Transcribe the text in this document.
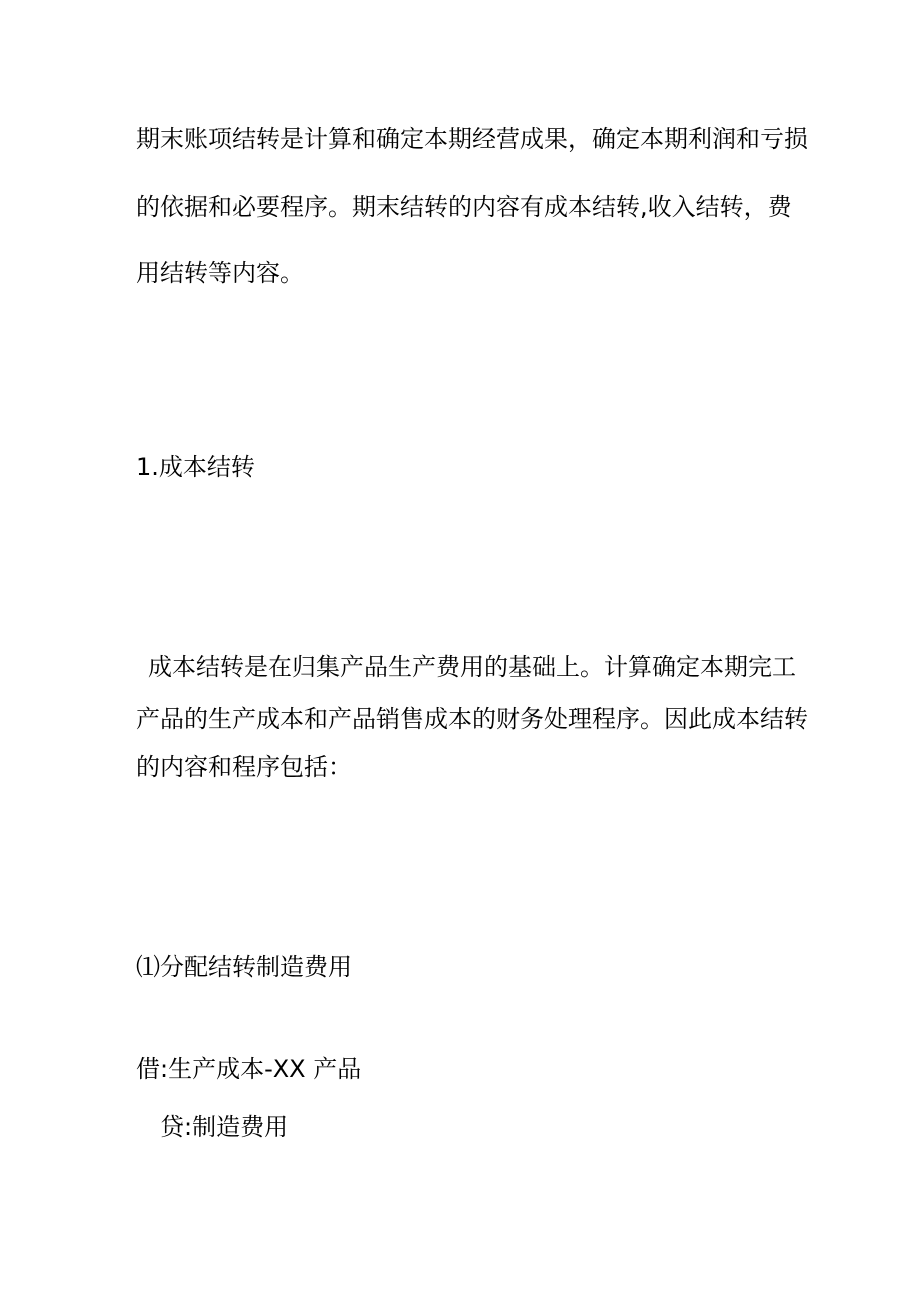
期末账项结转是计算和确定本期经营成果，确定本期利润和亏损

的依据和必要程序。期末结转的内容有成本结转,收入结转，费

用结转等内容。

1.成本结转

成本结转是在归集产品生产费用的基础上。计算确定本期完工

产品的生产成本和产品销售成本的财务处理程序。因此成本结转

的内容和程序包括：

⑴分配结转制造费用

借:生产成本-XX 产品

贷:制造费用
